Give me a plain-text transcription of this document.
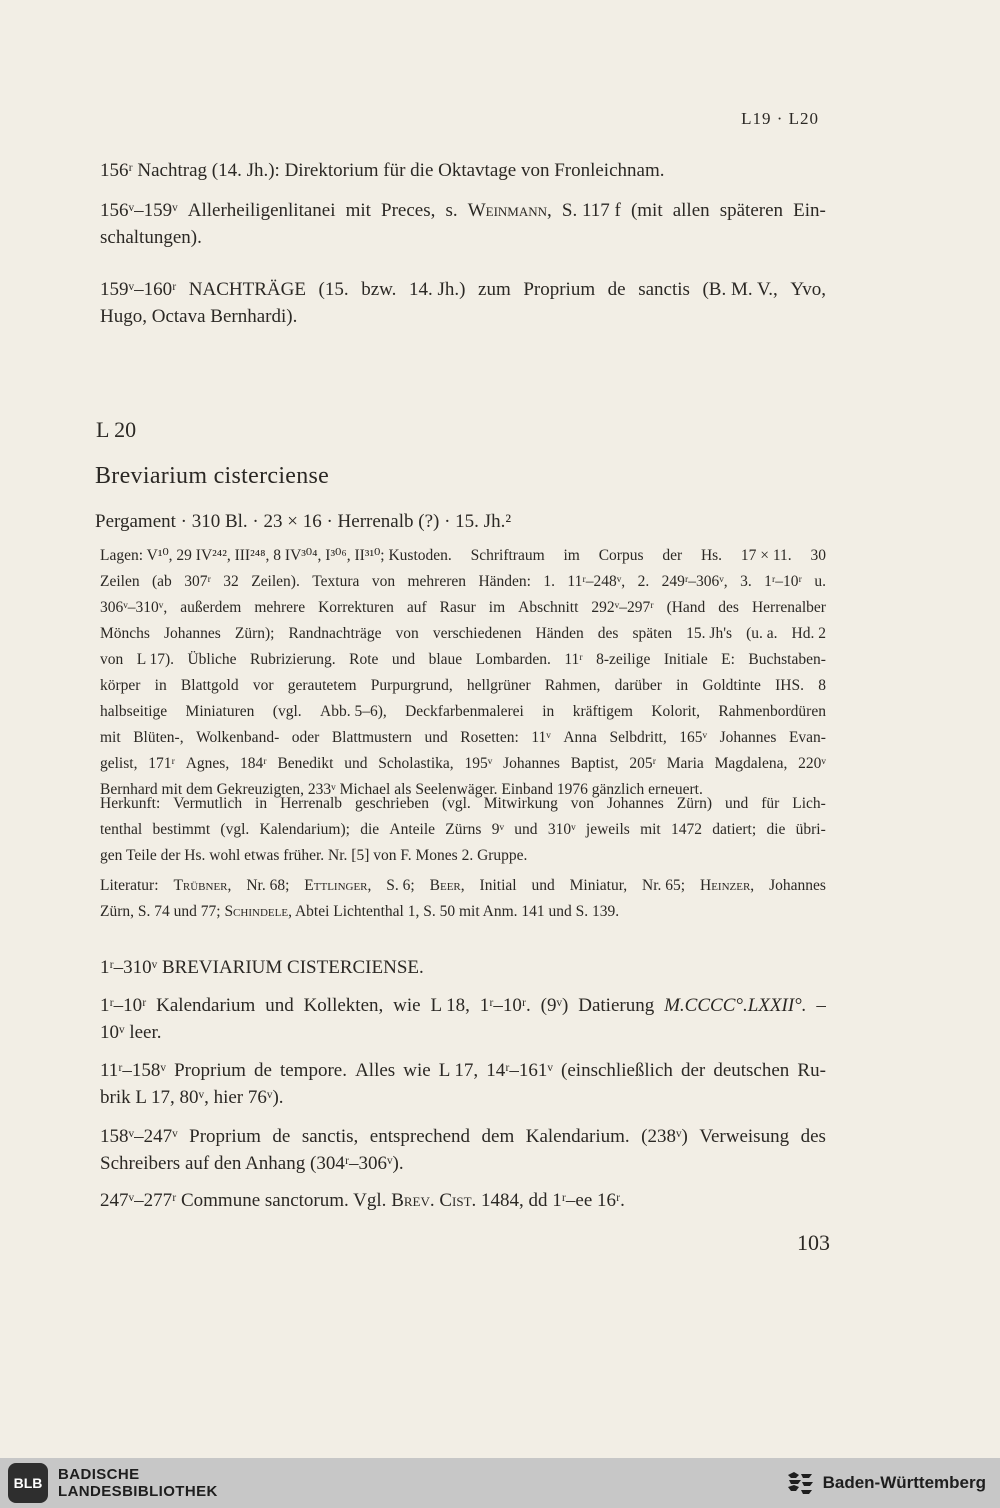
L19 · L20
156ʳ Nachtrag (14. Jh.): Direktorium für die Oktavtage von Fronleichnam.
156ᵛ–159ᵛ Allerheiligenlitanei mit Preces, s. Weinmann, S. 117 f (mit allen späteren Ein-
schaltungen).
159ᵛ–160ʳ NACHTRÄGE (15. bzw. 14. Jh.) zum Proprium de sanctis (B. M. V., Yvo,
Hugo, Octava Bernhardi).
L 20
Breviarium cisterciense
Pergament · 310 Bl. · 23 × 16 · Herrenalb (?) · 15. Jh.²
Lagen: V¹⁰, 29 IV²⁴², III²⁴⁸, 8 IV³⁰⁴, I³⁰⁶, II³¹⁰; Kustoden. Schriftraum im Corpus der Hs. 17 × 11. 30
Zeilen (ab 307ʳ 32 Zeilen). Textura von mehreren Händen: 1. 11ʳ–248ᵛ, 2. 249ʳ–306ᵛ, 3. 1ʳ–10ʳ u.
306ᵛ–310ᵛ, außerdem mehrere Korrekturen auf Rasur im Abschnitt 292ᵛ–297ʳ (Hand des Herrenalber
Mönchs Johannes Zürn); Randnachträge von verschiedenen Händen des späten 15. Jh's (u. a. Hd. 2
von L 17). Übliche Rubrizierung. Rote und blaue Lombarden. 11ʳ 8-zeilige Initiale E: Buchstaben-
körper in Blattgold vor gerautetem Purpurgrund, hellgrüner Rahmen, darüber in Goldtinte IHS. 8
halbseitige Miniaturen (vgl. Abb. 5–6), Deckfarbenmalerei in kräftigem Kolorit, Rahmenbordüren
mit Blüten-, Wolkenband- oder Blattmustern und Rosetten: 11ᵛ Anna Selbdritt, 165ᵛ Johannes Evan-
gelist, 171ʳ Agnes, 184ʳ Benedikt und Scholastika, 195ᵛ Johannes Baptist, 205ʳ Maria Magdalena, 220ᵛ
Bernhard mit dem Gekreuzigten, 233ᵛ Michael als Seelenwäger. Einband 1976 gänzlich erneuert.
Herkunft: Vermutlich in Herrenalb geschrieben (vgl. Mitwirkung von Johannes Zürn) und für Lich-
tenthal bestimmt (vgl. Kalendarium); die Anteile Zürns 9ᵛ und 310ᵛ jeweils mit 1472 datiert; die übri-
gen Teile der Hs. wohl etwas früher. Nr. [5] von F. Mones 2. Gruppe.
Literatur: Trübner, Nr. 68; Ettlinger, S. 6; Beer, Initial und Miniatur, Nr. 65; Heinzer, Johannes
Zürn, S. 74 und 77; Schindele, Abtei Lichtenthal 1, S. 50 mit Anm. 141 und S. 139.
1ʳ–310ᵛ BREVIARIUM CISTERCIENSE.
1ʳ–10ʳ Kalendarium und Kollekten, wie L 18, 1ʳ–10ʳ. (9ᵛ) Datierung M.CCCC°.LXXII°. –
10ᵛ leer.
11ʳ–158ᵛ Proprium de tempore. Alles wie L 17, 14ʳ–161ᵛ (einschließlich der deutschen Ru-
brik L 17, 80ᵛ, hier 76ᵛ).
158ᵛ–247ᵛ Proprium de sanctis, entsprechend dem Kalendarium. (238ᵛ) Verweisung des
Schreibers auf den Anhang (304ʳ–306ᵛ).
247ᵛ–277ʳ Commune sanctorum. Vgl. Brev. Cist. 1484, dd 1ʳ–ee 16ʳ.
103
BLB	BADISCHE
LANDESBIBLIOTHEK	Baden-Württemberg
